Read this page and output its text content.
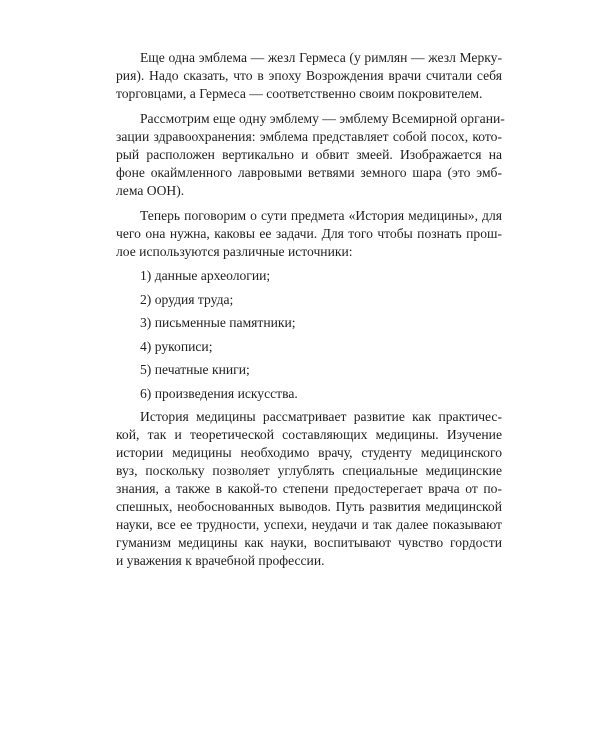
Еще одна эмблема — жезл Гермеса (у римлян — жезл Мерку-
рия). Надо сказать, что в эпоху Возрождения врачи считали себя
торговцами, а Гермеса — соответственно своим покровителем.
Рассмотрим еще одну эмблему — эмблему Всемирной органи-
зации здравоохранения: эмблема представляет собой посох, кото-
рый расположен вертикально и обвит змеей. Изображается на
фоне окаймленного лавровыми ветвями земного шара (это эмб-
лема ООН).
Теперь поговорим о сути предмета «История медицины», для
чего она нужна, каковы ее задачи. Для того чтобы познать прош-
лое используются различные источники:
1) данные археологии;
2) орудия труда;
3) письменные памятники;
4) рукописи;
5) печатные книги;
6) произведения искусства.
История медицины рассматривает развитие как практичес-
кой, так и теоретической составляющих медицины. Изучение
истории медицины необходимо врачу, студенту медицинского
вуз, поскольку позволяет углублять специальные медицинские
знания, а также в какой-то степени предостерегает врача от по-
спешных, необоснованных выводов. Путь развития медицинской
науки, все ее трудности, успехи, неудачи и так далее показывают
гуманизм медицины как науки, воспитывают чувство гордости
и уважения к врачебной профессии.
